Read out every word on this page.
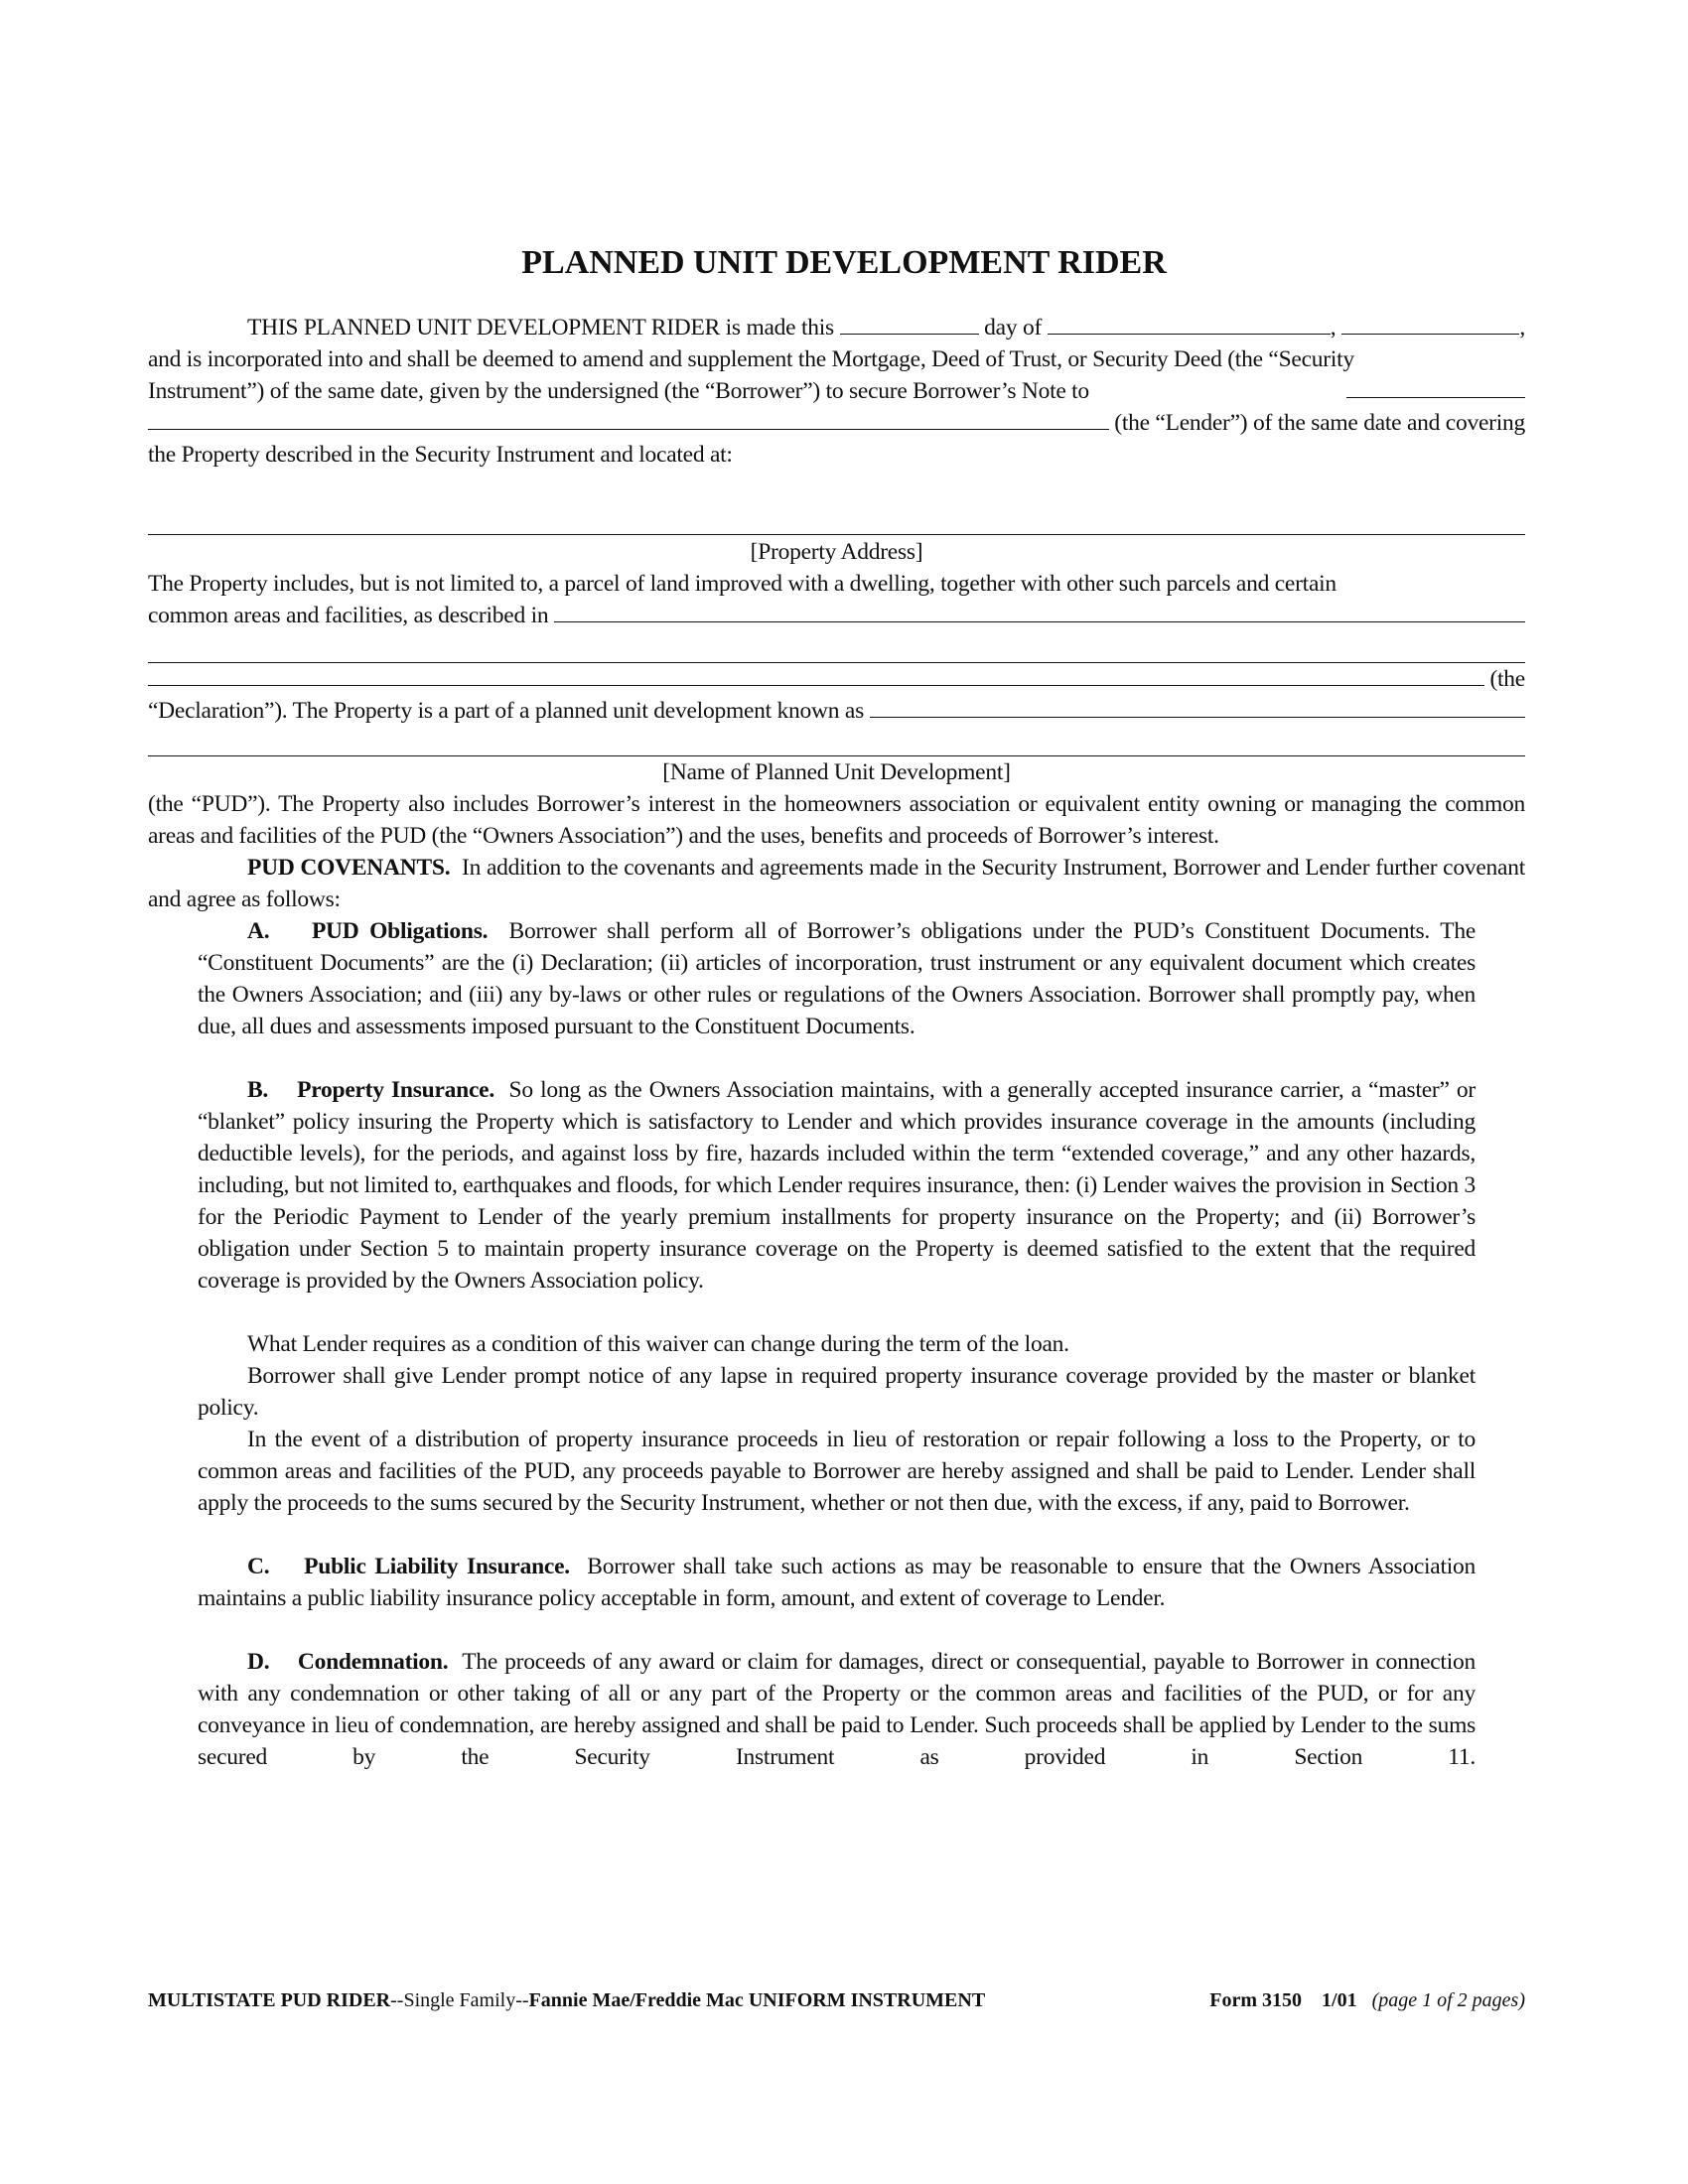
PLANNED UNIT DEVELOPMENT RIDER
THIS PLANNED UNIT DEVELOPMENT RIDER is made this

	day of
	,
	,
and is incorporated into and shall be deemed to amend and supplement the Mortgage, Deed of Trust, or Security Deed (the “Security
Instrument”) of the same date, given by the undersigned (the “Borrower”) to secure Borrower’s Note to

(the “Lender”) of the same date and covering
the Property described in the Security Instrument and located at:
[Property Address]
The Property includes, but is not limited to, a parcel of land improved with a dwelling, together with other such parcels and certain
common areas and facilities, as described in

(the
“Declaration”). The Property is a part of a planned unit development known as

[Name of Planned Unit Development]
(the “PUD”). The Property also includes Borrower’s interest in the homeowners association or equivalent entity owning or managing the common areas and facilities of the PUD (the “Owners Association”) and the uses, benefits and proceeds of Borrower’s interest.
PUD COVENANTS. In addition to the covenants and agreements made in the Security Instrument, Borrower and Lender further covenant and agree as follows:
A. PUD Obligations. Borrower shall perform all of Borrower’s obligations under the PUD’s Constituent Documents. The “Constituent Documents” are the (i) Declaration; (ii) articles of incorporation, trust instrument or any equivalent document which creates the Owners Association; and (iii) any by-laws or other rules or regulations of the Owners Association. Borrower shall promptly pay, when due, all dues and assessments imposed pursuant to the Constituent Documents.
B. Property Insurance. So long as the Owners Association maintains, with a generally accepted insurance carrier, a “master” or “blanket” policy insuring the Property which is satisfactory to Lender and which provides insurance coverage in the amounts (including deductible levels), for the periods, and against loss by fire, hazards included within the term “extended coverage,” and any other hazards, including, but not limited to, earthquakes and floods, for which Lender requires insurance, then: (i) Lender waives the provision in Section 3 for the Periodic Payment to Lender of the yearly premium installments for property insurance on the Property; and (ii) Borrower’s obligation under Section 5 to maintain property insurance coverage on the Property is deemed satisfied to the extent that the required coverage is provided by the Owners Association policy.
What Lender requires as a condition of this waiver can change during the term of the loan.
Borrower shall give Lender prompt notice of any lapse in required property insurance coverage provided by the master or blanket policy.
In the event of a distribution of property insurance proceeds in lieu of restoration or repair following a loss to the Property, or to common areas and facilities of the PUD, any proceeds payable to Borrower are hereby assigned and shall be paid to Lender. Lender shall apply the proceeds to the sums secured by the Security Instrument, whether or not then due, with the excess, if any, paid to Borrower.
C. Public Liability Insurance. Borrower shall take such actions as may be reasonable to ensure that the Owners Association maintains a public liability insurance policy acceptable in form, amount, and extent of coverage to Lender.
D. Condemnation. The proceeds of any award or claim for damages, direct or consequential, payable to Borrower in connection with any condemnation or other taking of all or any part of the Property or the common areas and facilities of the PUD, or for any conveyance in lieu of condemnation, are hereby assigned and shall be paid to Lender. Such proceeds shall be applied by Lender to the sums secured by the Security Instrument as provided in Section 11.
MULTISTATE PUD RIDER--Single Family--Fannie Mae/Freddie Mac UNIFORM INSTRUMENT	Form 3150 1/01 (page 1 of 2 pages)
